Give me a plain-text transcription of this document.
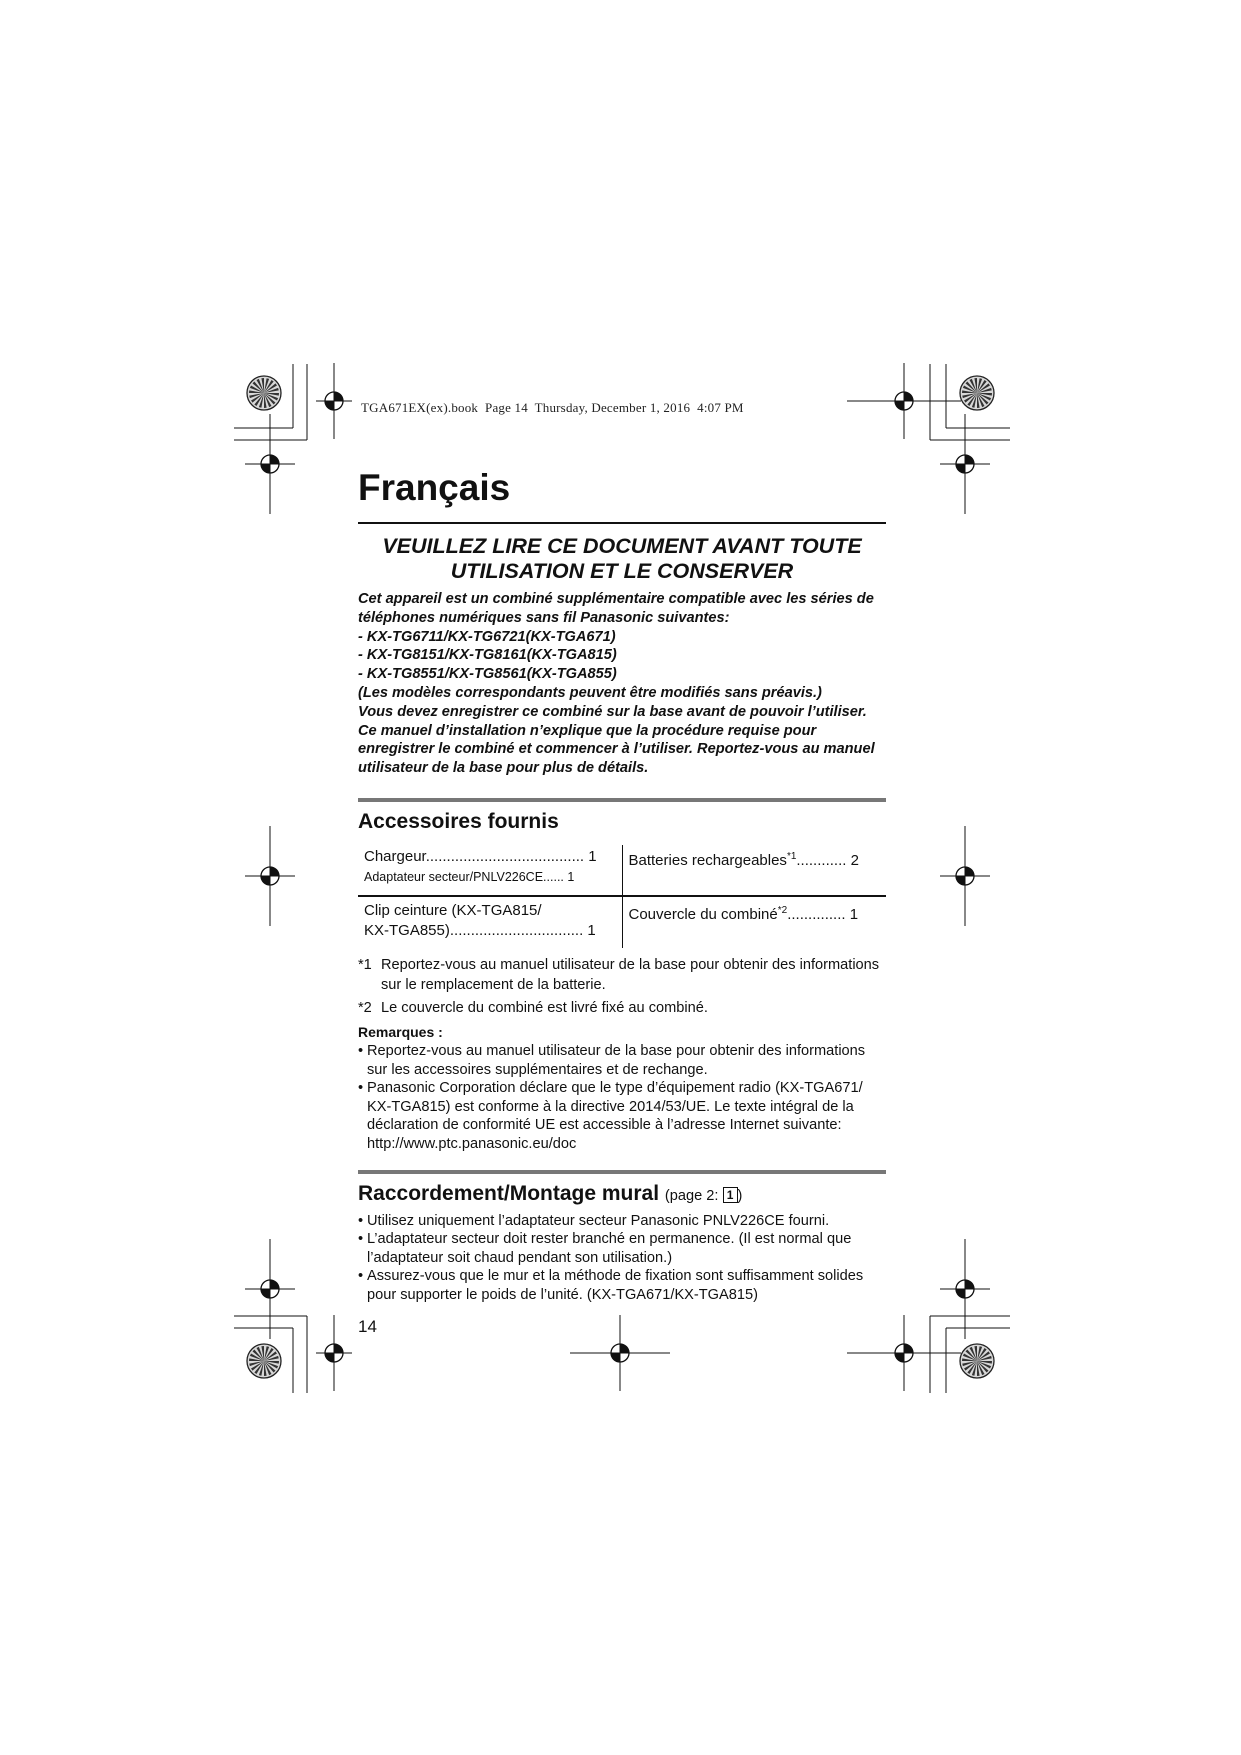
TGA671EX(ex).book  Page 14  Thursday, December 1, 2016  4:07 PM
Français
VEUILLEZ LIRE CE DOCUMENT AVANT TOUTE
UTILISATION ET LE CONSERVER

Cet appareil est un combiné supplémentaire compatible avec les séries de
téléphones numériques sans fil Panasonic suivantes:
- KX-TG6711/KX-TG6721(KX-TGA671)
- KX-TG8151/KX-TG8161(KX-TGA815)
- KX-TG8551/KX-TG8561(KX-TGA855)
(Les modèles correspondants peuvent être modifiés sans préavis.)
Vous devez enregistrer ce combiné sur la base avant de pouvoir l’utiliser.
Ce manuel d’installation n’explique que la procédure requise pour
enregistrer le combiné et commencer à l’utiliser. Reportez-vous au manuel
utilisateur de la base pour plus de détails.

Accessoires fournis
Chargeur...................................... 1
Adaptateur secteur/PNLV226CE...... 1	Batteries rechargeables$^{*1}$............ 2

Clip ceinture (KX-TGA815/
KX-TGA855)................................ 1	Couvercle du combiné$^{*2}$.............. 1
*1 Reportez-vous au manuel utilisateur de la base pour obtenir des informations
sur le remplacement de la batterie.
*2 Le couvercle du combiné est livré fixé au combiné.
Remarques :
• Reportez-vous au manuel utilisateur de la base pour obtenir des informations sur les accessoires supplémentaires et de rechange.
• Panasonic Corporation déclare que le type d’équipement radio (KX-TGA671/ KX-TGA815) est conforme à la directive 2014/53/UE. Le texte intégral de la déclaration de conformité UE est accessible à l’adresse Internet suivante: http://www.ptc.panasonic.eu/doc
Raccordement/Montage mural (page 2: 1 )
• Utilisez uniquement l’adaptateur secteur Panasonic PNLV226CE fourni.
• L’adaptateur secteur doit rester branché en permanence. (Il est normal que l’adaptateur soit chaud pendant son utilisation.)
• Assurez-vous que le mur et la méthode de fixation sont suffisamment solides pour supporter le poids de l’unité. (KX-TGA671/KX-TGA815)
14
